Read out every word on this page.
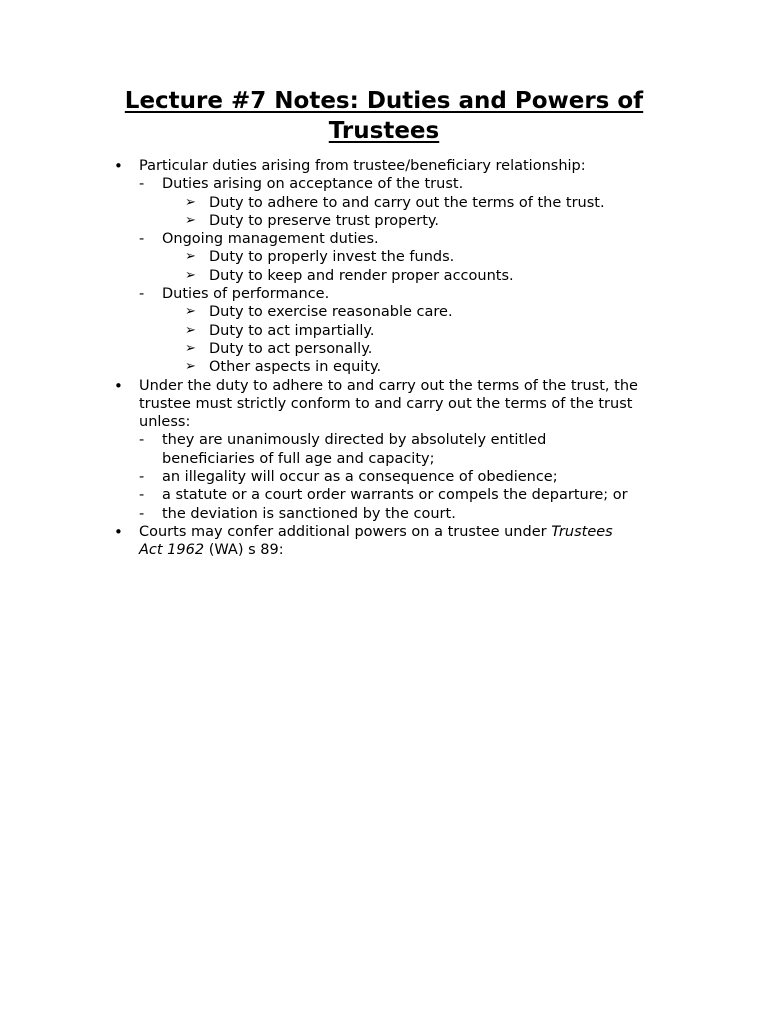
Lecture #7 Notes: Duties and Powers of
Trustees
• Particular duties arising from trustee/beneficiary relationship:
- Duties arising on acceptance of the trust.
➢ Duty to adhere to and carry out the terms of the trust.
➢ Duty to preserve trust property.
- Ongoing management duties.
➢ Duty to properly invest the funds.
➢ Duty to keep and render proper accounts.
- Duties of performance.
➢ Duty to exercise reasonable care.
➢ Duty to act impartially.
➢ Duty to act personally.
➢ Other aspects in equity.
• Under the duty to adhere to and carry out the terms of the trust, the
trustee must strictly conform to and carry out the terms of the trust
unless:
- they are unanimously directed by absolutely entitled
beneficiaries of full age and capacity;
- an illegality will occur as a consequence of obedience;
- a statute or a court order warrants or compels the departure; or
- the deviation is sanctioned by the court.
• Courts may confer additional powers on a trustee under Trustees
Act 1962 (WA) s 89:
